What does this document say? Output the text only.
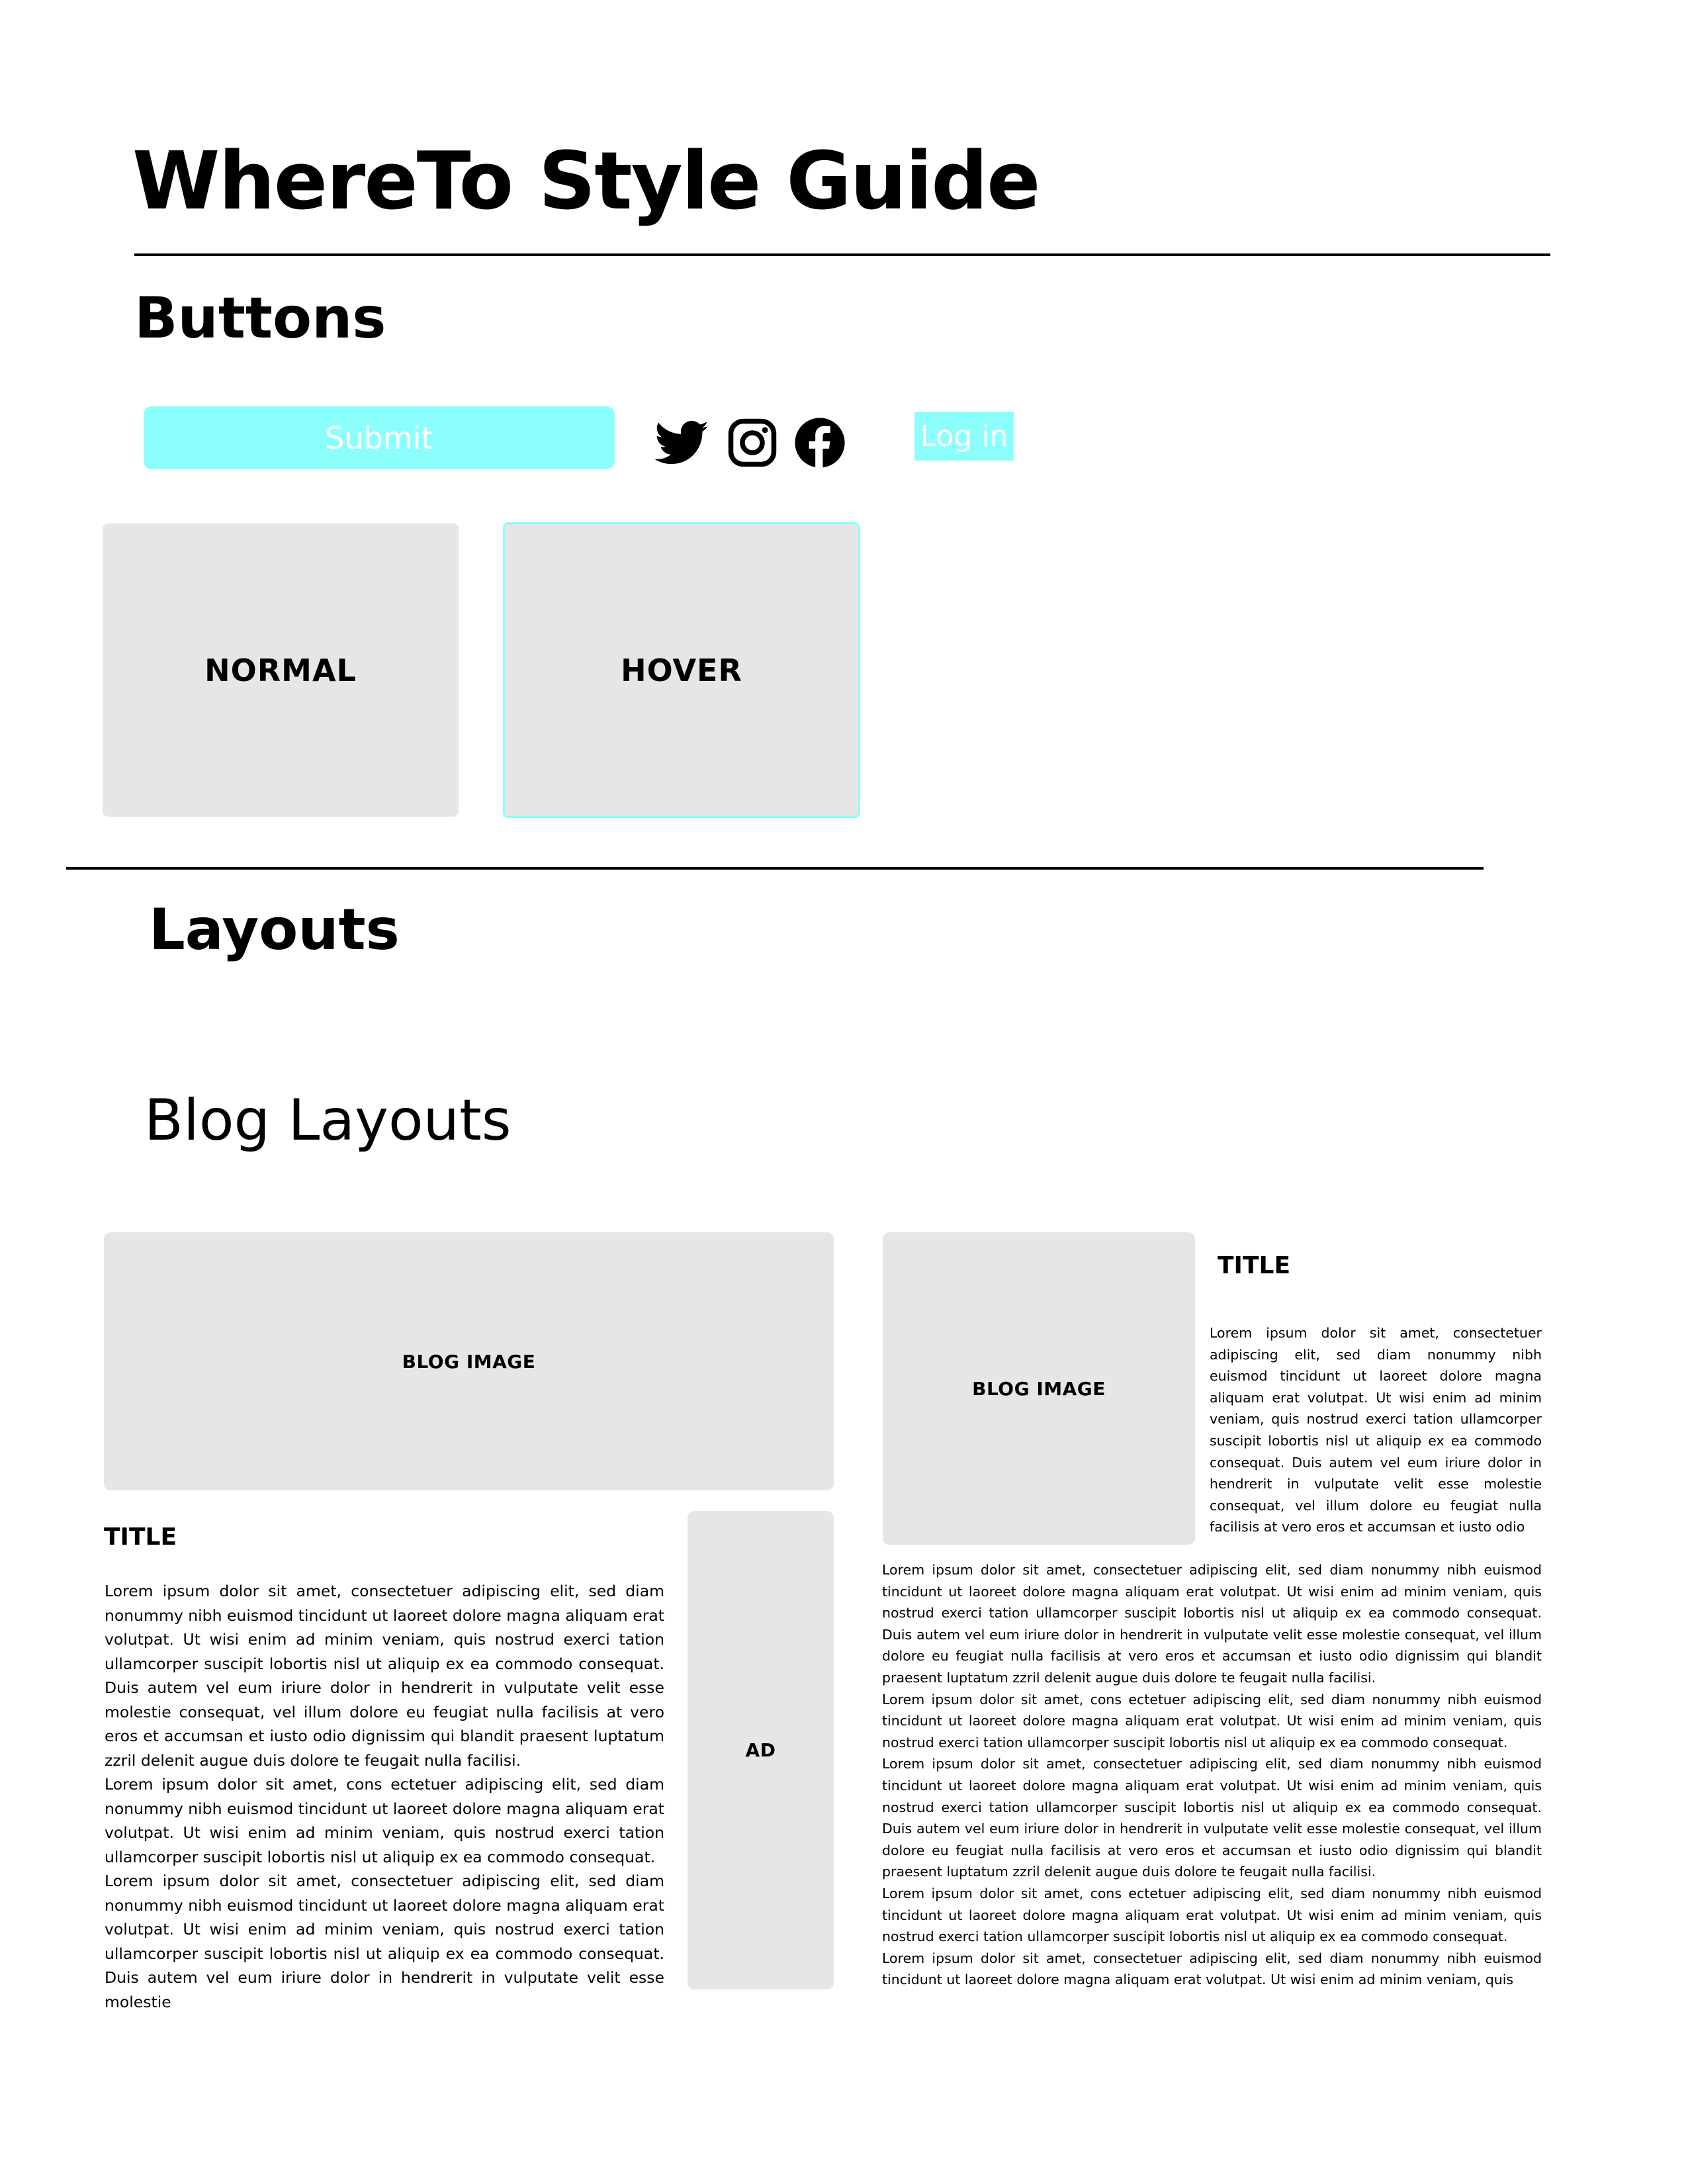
WhereTo Style Guide
Buttons
Submit	Log in
NORMAL	HOVER
Layouts
Blog Layouts
BLOG IMAGE
TITLE

Lorem ipsum dolor sit amet, consectetuer adipiscing elit, sed diam nonummy nibh euismod tincidunt ut laoreet dolore magna aliquam erat volutpat. Ut wisi enim ad minim veniam, quis nostrud exerci tation ullamcorper suscipit lobortis nisl ut aliquip ex ea commodo consequat. Duis autem vel eum iriure dolor in hendrerit in vulputate velit esse molestie consequat, vel illum dolore eu feugiat nulla facilisis at vero eros et accumsan et iusto odio dignissim qui blandit praesent luptatum zzril delenit augue duis dolore te feugait nulla facilisi.

Lorem ipsum dolor sit amet, cons ectetuer adipiscing elit, sed diam nonummy nibh euismod tincidunt ut laoreet dolore magna aliquam erat volutpat. Ut wisi enim ad minim veniam, quis nostrud exerci tation ullamcorper suscipit lobortis nisl ut aliquip ex ea commodo consequat.

Lorem ipsum dolor sit amet, consectetuer adipiscing elit, sed diam nonummy nibh euismod tincidunt ut laoreet dolore magna aliquam erat volutpat. Ut wisi enim ad minim veniam, quis nostrud exerci tation ullamcorper suscipit lobortis nisl ut aliquip ex ea commodo consequat. Duis autem vel eum iriure dolor in hendrerit in vulputate velit esse molestie

AD
BLOG IMAGE
TITLE

Lorem ipsum dolor sit amet, consectetuer adipiscing elit, sed diam nonummy nibh euismod tincidunt ut laoreet dolore magna aliquam erat volutpat. Ut wisi enim ad minim veniam, quis nostrud exerci tation ullamcorper suscipit lobortis nisl ut aliquip ex ea commodo consequat. Duis autem vel eum iriure dolor in hendrerit in vulputate velit esse molestie consequat, vel illum dolore eu feugiat nulla facilisis at vero eros et accumsan et iusto odio

Lorem ipsum dolor sit amet, consectetuer adipiscing elit, sed diam nonummy nibh euismod tincidunt ut laoreet dolore magna aliquam erat volutpat. Ut wisi enim ad minim veniam, quis nostrud exerci tation ullamcorper suscipit lobortis nisl ut aliquip ex ea commodo consequat. Duis autem vel eum iriure dolor in hendrerit in vulputate velit esse molestie consequat, vel illum dolore eu feugiat nulla facilisis at vero eros et accumsan et iusto odio dignissim qui blandit praesent luptatum zzril delenit augue duis dolore te feugait nulla facilisi.

Lorem ipsum dolor sit amet, cons ectetuer adipiscing elit, sed diam nonummy nibh euismod tincidunt ut laoreet dolore magna aliquam erat volutpat. Ut wisi enim ad minim veniam, quis nostrud exerci tation ullamcorper suscipit lobortis nisl ut aliquip ex ea commodo consequat.

Lorem ipsum dolor sit amet, consectetuer adipiscing elit, sed diam nonummy nibh euismod tincidunt ut laoreet dolore magna aliquam erat volutpat. Ut wisi enim ad minim veniam, quis nostrud exerci tation ullamcorper suscipit lobortis nisl ut aliquip ex ea commodo consequat. Duis autem vel eum iriure dolor in hendrerit in vulputate velit esse molestie consequat, vel illum dolore eu feugiat nulla facilisis at vero eros et accumsan et iusto odio dignissim qui blandit praesent luptatum zzril delenit augue duis dolore te feugait nulla facilisi.

Lorem ipsum dolor sit amet, cons ectetuer adipiscing elit, sed diam nonummy nibh euismod tincidunt ut laoreet dolore magna aliquam erat volutpat. Ut wisi enim ad minim veniam, quis nostrud exerci tation ullamcorper suscipit lobortis nisl ut aliquip ex ea commodo consequat.

Lorem ipsum dolor sit amet, consectetuer adipiscing elit, sed diam nonummy nibh euismod tincidunt ut laoreet dolore magna aliquam erat volutpat. Ut wisi enim ad minim veniam, quis
